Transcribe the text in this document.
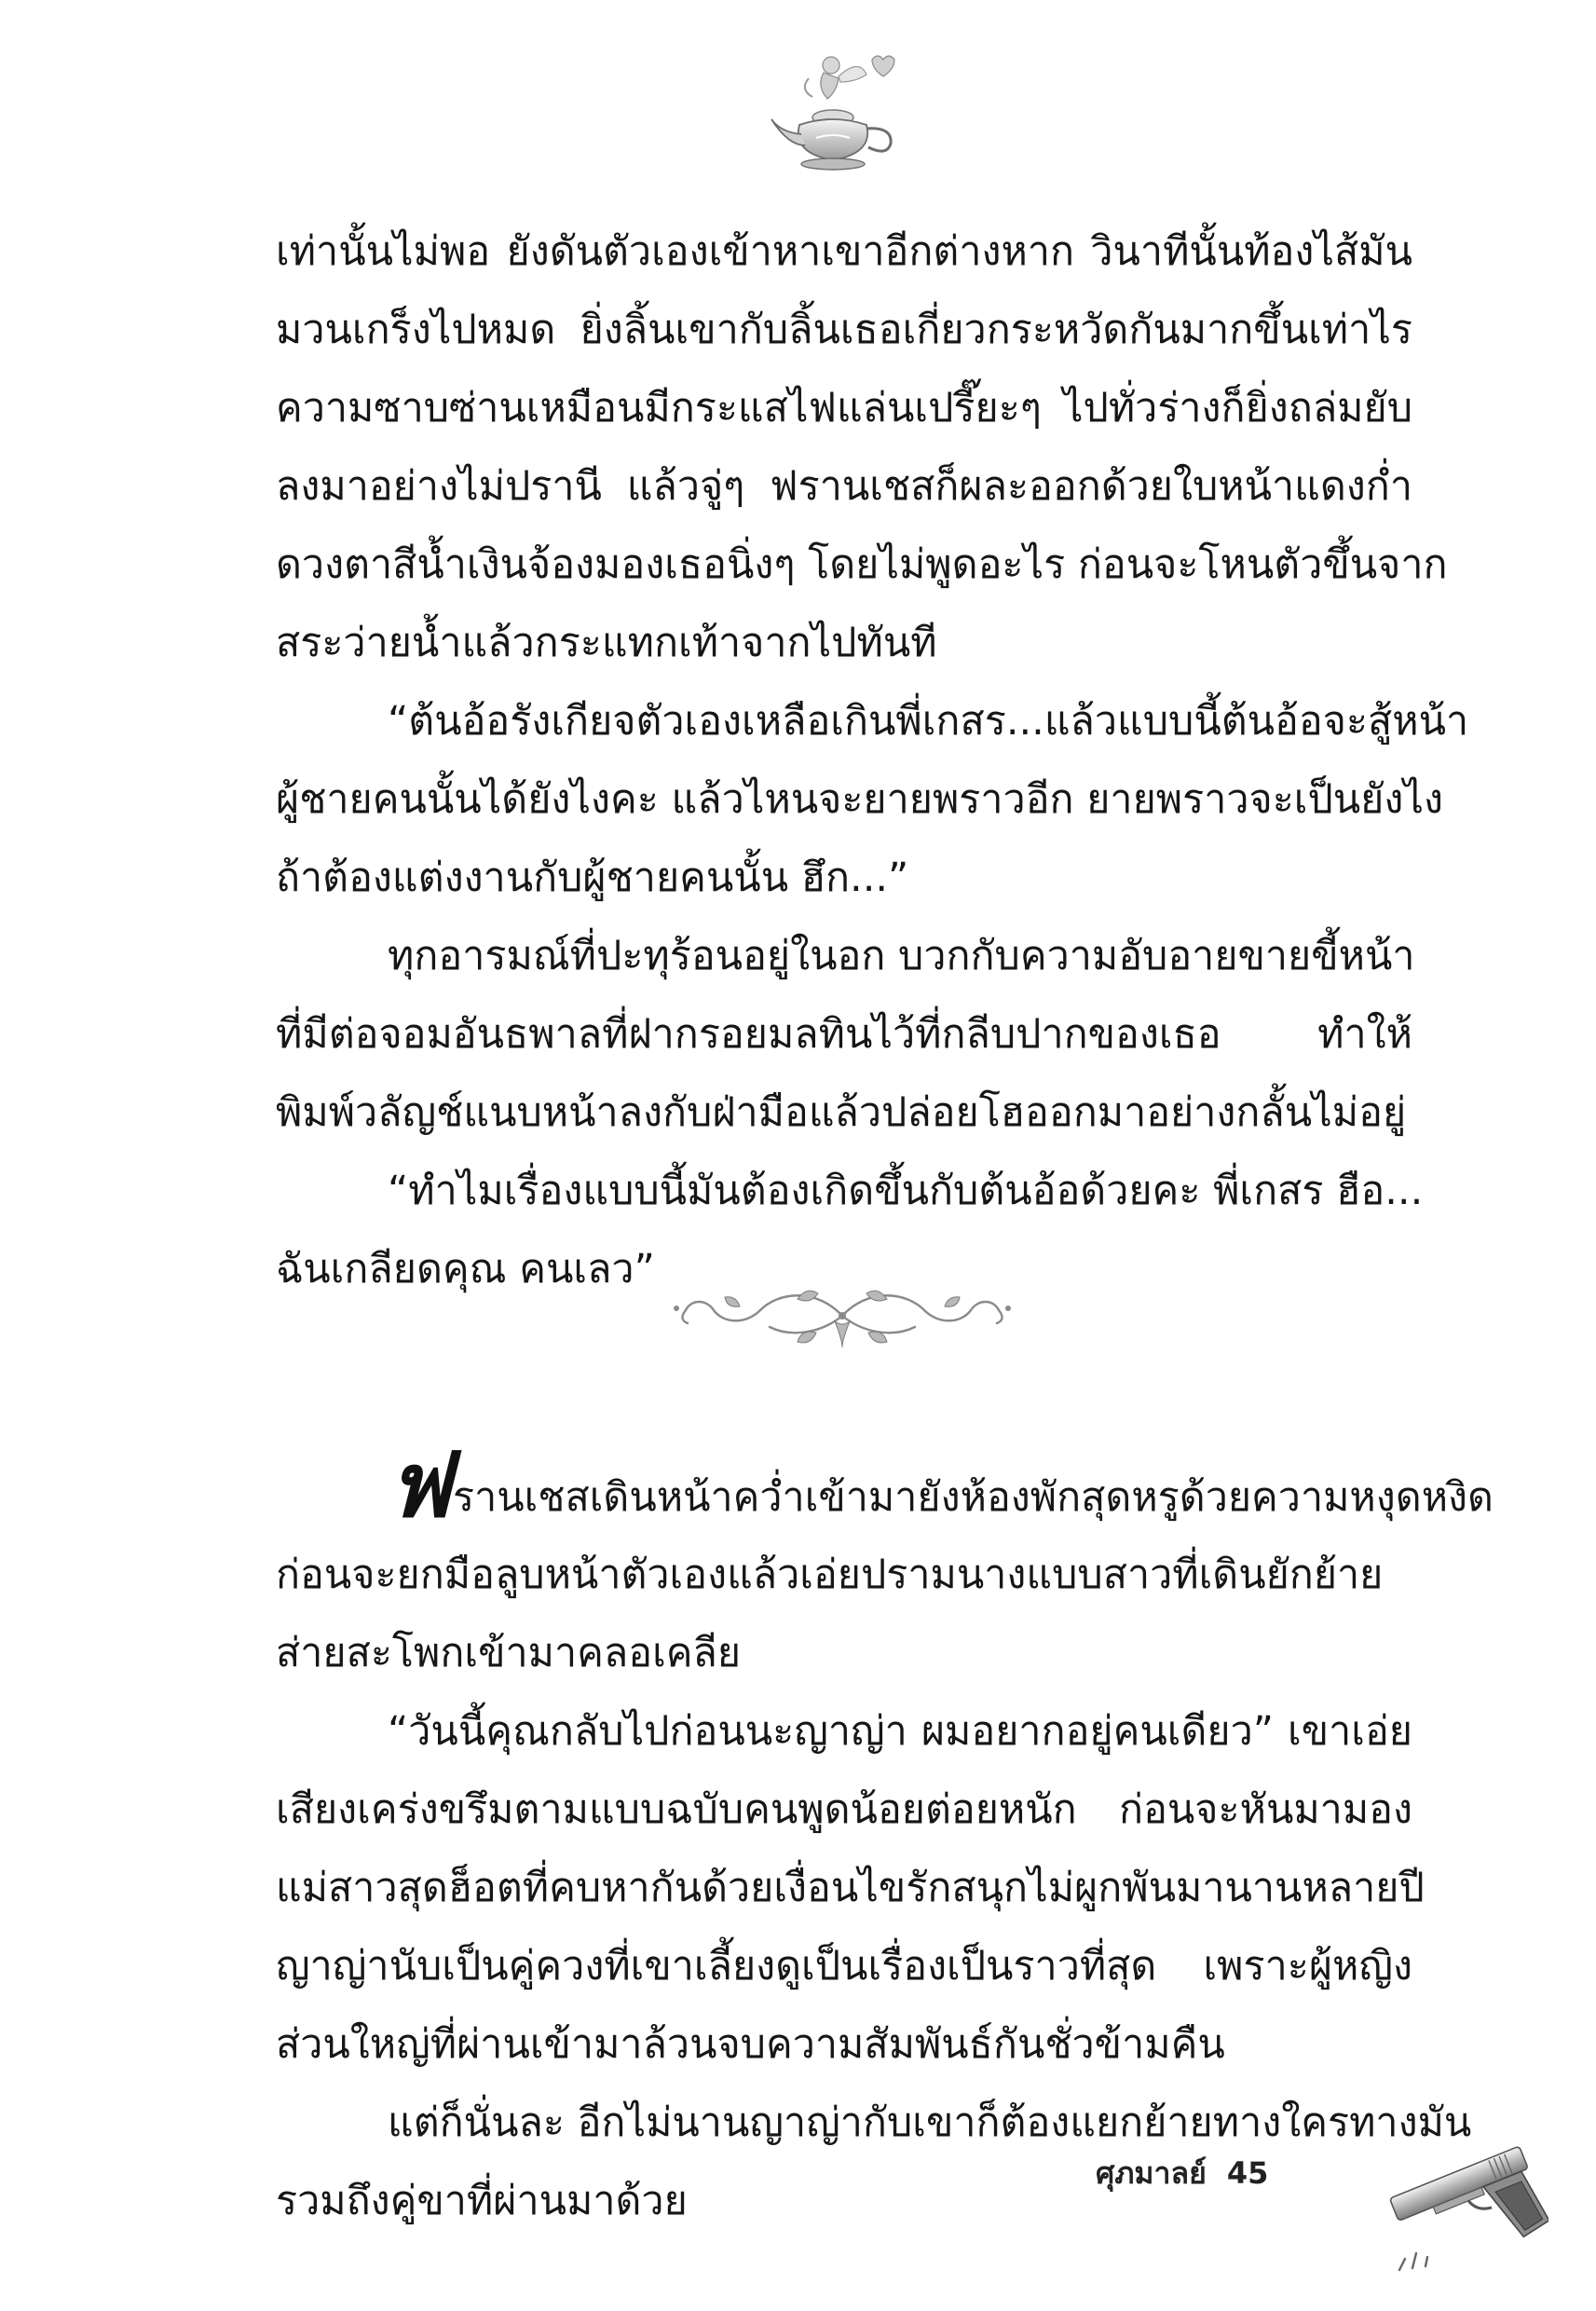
เท่านั้นไม่พอ ยังดันตัวเองเข้าหาเขาอีกต่างหาก วินาทีนั้นท้องไส้มัน
มวนเกร็งไปหมด ยิ่งลิ้นเขากับลิ้นเธอเกี่ยวกระหวัดกันมากขึ้นเท่าไร
ความซาบซ่านเหมือนมีกระแสไฟแล่นเปรี๊ยะๆ ไปทั่วร่างก็ยิ่งถล่มยับ
ลงมาอย่างไม่ปรานี แล้วจู่ๆ ฟรานเชสก็ผละออกด้วยใบหน้าแดงก่ำ
ดวงตาสีน้ำเงินจ้องมองเธอนิ่งๆ โดยไม่พูดอะไร ก่อนจะโหนตัวขึ้นจาก
สระว่ายน้ำแล้วกระแทกเท้าจากไปทันที
“ต้นอ้อรังเกียจตัวเองเหลือเกินพี่เกสร...แล้วแบบนี้ต้นอ้อจะสู้หน้า
ผู้ชายคนนั้นได้ยังไงคะ แล้วไหนจะยายพราวอีก ยายพราวจะเป็นยังไง
ถ้าต้องแต่งงานกับผู้ชายคนนั้น ฮึก...”
ทุกอารมณ์ที่ปะทุร้อนอยู่ในอก บวกกับความอับอายขายขี้หน้า
ที่มีต่อจอมอันธพาลที่ฝากรอยมลทินไว้ที่กลีบปากของเธอ ทำให้
พิมพ์วลัญช์แนบหน้าลงกับฝ่ามือแล้วปล่อยโฮออกมาอย่างกลั้นไม่อยู่
“ทำไมเรื่องแบบนี้มันต้องเกิดขึ้นกับต้นอ้อด้วยคะ พี่เกสร ฮือ...
ฉันเกลียดคุณ คนเลว”
ฟรานเชสเดินหน้าคว่ำเข้ามายังห้องพักสุดหรูด้วยความหงุดหงิด
ก่อนจะยกมือลูบหน้าตัวเองแล้วเอ่ยปรามนางแบบสาวที่เดินยักย้าย
ส่ายสะโพกเข้ามาคลอเคลีย
“วันนี้คุณกลับไปก่อนนะญาญ่า ผมอยากอยู่คนเดียว” เขาเอ่ย
เสียงเคร่งขรึมตามแบบฉบับคนพูดน้อยต่อยหนัก ก่อนจะหันมามอง
แม่สาวสุดฮ็อตที่คบหากันด้วยเงื่อนไขรักสนุกไม่ผูกพันมานานหลายปี
ญาญ่านับเป็นคู่ควงที่เขาเลี้ยงดูเป็นเรื่องเป็นราวที่สุด เพราะผู้หญิง
ส่วนใหญ่ที่ผ่านเข้ามาล้วนจบความสัมพันธ์กันชั่วข้ามคืน
แต่ก็นั่นละ อีกไม่นานญาญ่ากับเขาก็ต้องแยกย้ายทางใครทางมัน
รวมถึงคู่ขาที่ผ่านมาด้วย
ศุภมาลย์ 45
